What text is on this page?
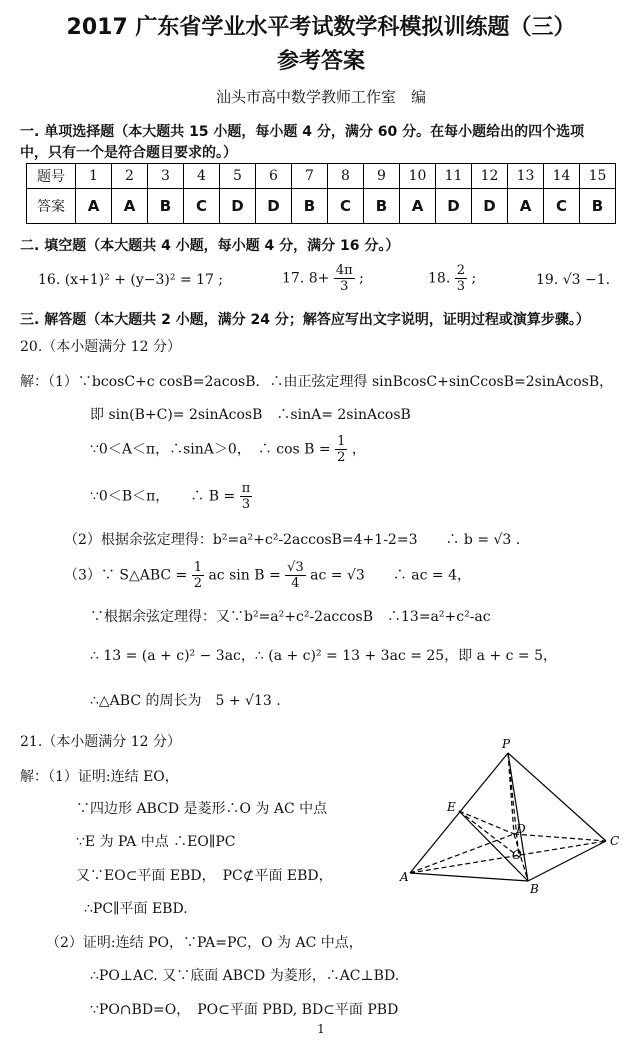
2017 广东省学业水平考试数学科模拟训练题（三）
参考答案
汕头市高中数学教师工作室　编
一. 单项选择题（本大题共 15 小题，每小题 4 分，满分 60 分。在每小题给出的四个选项
中，只有一个是符合题目要求的。）
题号	1	2	3	4	5	6	7	8	9	10	11	12	13	14	15
答案	A	A	B	C	D	D	B	C	B	A	D	D	A	C	B
二. 填空题（本大题共 4 小题，每小题 4 分，满分 16 分。）
16. (x+1)² + (y−3)² = 17 ;	17. $8+ \frac{4\pi}{3}$ ;	18. $\frac{2}{3}$ ;	19. √3 −1.
三. 解答题（本大题共 2 小题，满分 24 分；解答应写出文字说明，证明过程或演算步骤。）
20.（本小题满分 12 分）
解：（1）∵bcosC+c cosB=2acosB．∴由正弦定理得 sinBcosC+sinCcosB=2sinAcosB，
即 sin(B+C)= 2sinAcosB　∴sinA= 2sinAcosB
∵0＜A＜π，∴sinA＞0，　∴ $\cos B = \frac{1}{2}$ ，
∵0＜B＜π，　　∴ $B = \frac{\pi}{3}$
（2）根据余弦定理得：b²=a²+c²-2accosB=4+1-2=3　　∴ b = √3 .
（3）∵ S△ABC = $\frac{1}{2}$ ac $\sin B = \frac{√3}{4}$ ac = √3　　∴ ac = 4，
∵根据余弦定理得：又∵b²=a²+c²-2accosB　∴13=a²+c²-ac
∴ 13 = (a + c)² − 3ac，∴ (a + c)² = 13 + 3ac = 25，即 a + c = 5，
∴△ABC 的周长为　5 + √13 .
21.（本小题满分 12 分）
解：（1）证明:连结 EO，
∵四边形 ABCD 是菱形∴O 为 AC 中点
∵E 为 PA 中点 ∴EO∥PC
又∵EO⊂平面 EBD，　PC⊄平面 EBD，
∴PC∥平面 EBD.
（2）证明:连结 PO，∵PA=PC，O 为 AC 中点，
∴PO⊥AC. 又∵底面 ABCD 为菱形，∴AC⊥BD.
∵PO∩BD=O，　PO⊂平面 PBD, BD⊂平面 PBD
P
E
D
O
C
A
B
1
